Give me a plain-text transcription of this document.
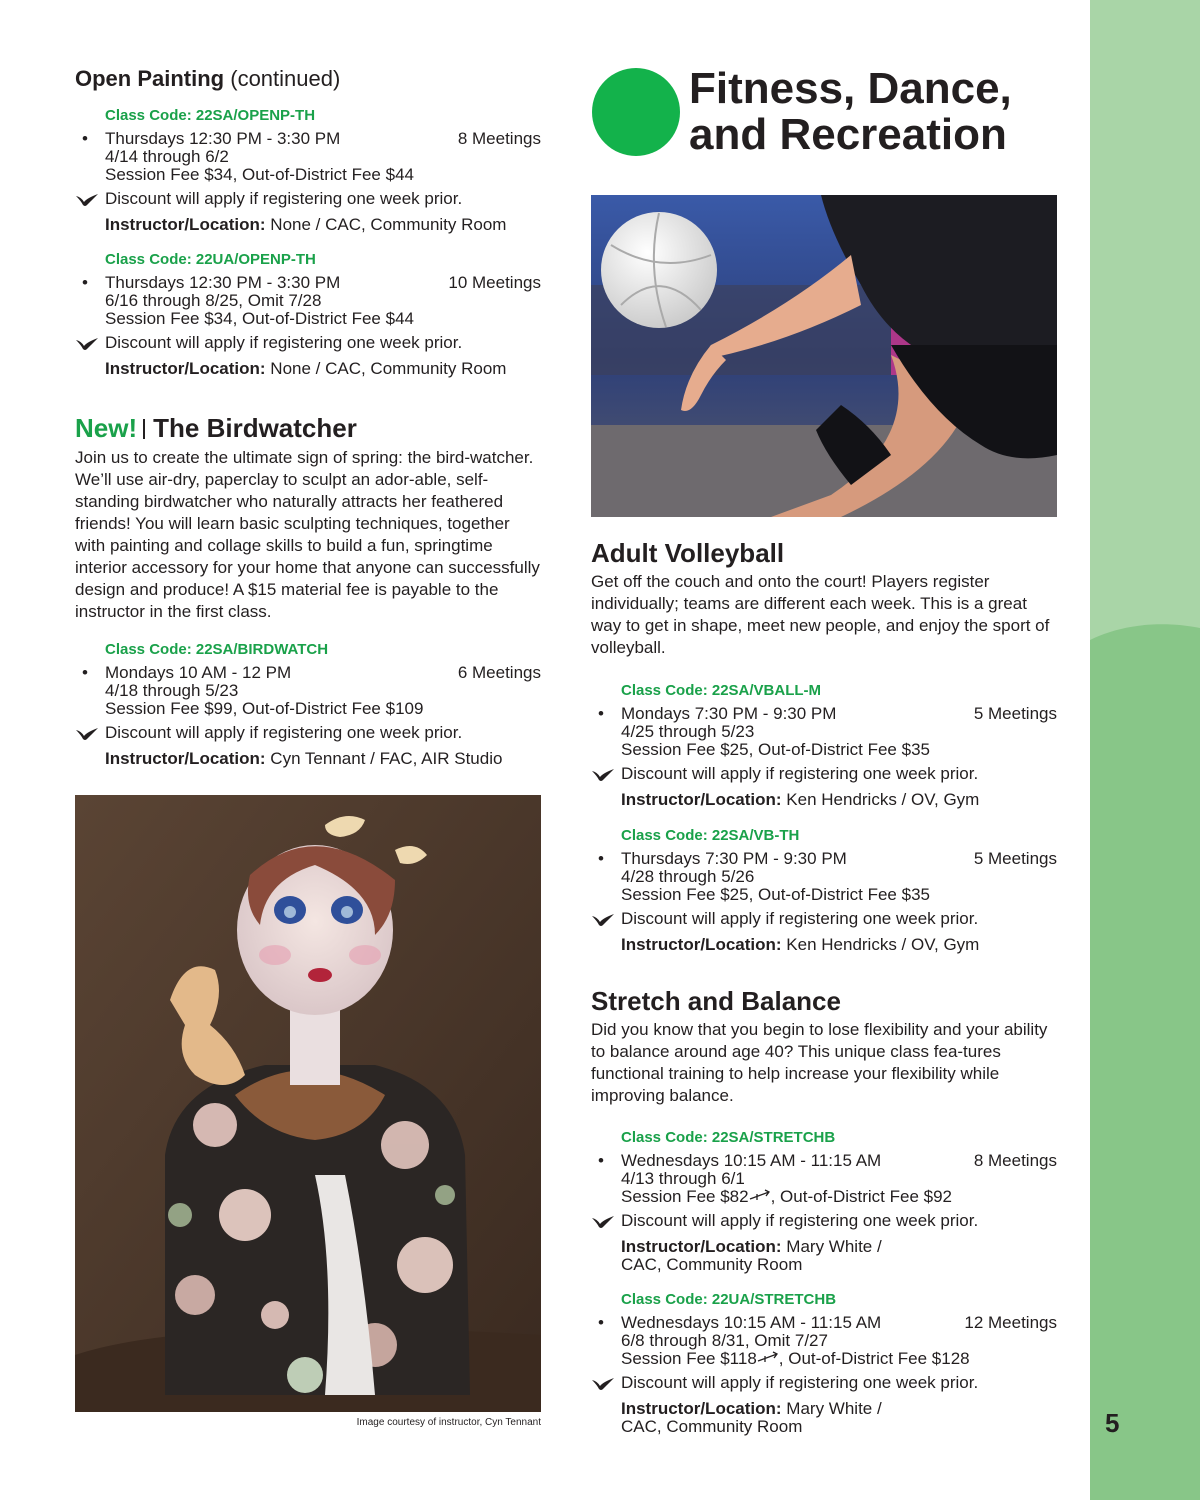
5
Open Painting (continued)
Class Code: 22SA/OPENP-TH
•	Thursdays 12:30 PM - 3:30 PM	8 Meetings
4/14 through 6/2
Session Fee $34, Out-of-District Fee $44
Discount will apply if registering one week prior.
Instructor/Location: None / CAC, Community Room
Class Code: 22UA/OPENP-TH
•	Thursdays 12:30 PM - 3:30 PM	10 Meetings
6/16 through 8/25, Omit 7/28
Session Fee $34, Out-of-District Fee $44
Discount will apply if registering one week prior.
Instructor/Location: None / CAC, Community Room
New! The Birdwatcher
Join us to create the ultimate sign of spring: the bird-watcher. We’ll use air-dry, paperclay to sculpt an ador-able, self-standing birdwatcher who naturally attracts her feathered friends! You will learn basic sculpting techniques, together with painting and collage skills to build a fun, springtime interior accessory for your home that anyone can successfully design and produce! A $15 material fee is payable to the instructor in the first class.
Class Code: 22SA/BIRDWATCH
•	Mondays 10 AM - 12 PM	6 Meetings
4/18 through 5/23
Session Fee $99, Out-of-District Fee $109
Discount will apply if registering one week prior.
Instructor/Location: Cyn Tennant / FAC, AIR Studio
Image courtesy of instructor, Cyn Tennant
Fitness, Dance,
and Recreation
Adult Volleyball
Get off the couch and onto the court! Players register individually; teams are different each week. This is a great way to get in shape, meet new people, and enjoy the sport of volleyball.
Class Code: 22SA/VBALL-M
•	Mondays 7:30 PM - 9:30 PM	5 Meetings
4/25 through 5/23
Session Fee $25, Out-of-District Fee $35
Discount will apply if registering one week prior.
Instructor/Location: Ken Hendricks / OV, Gym
Class Code: 22SA/VB-TH
•	Thursdays 7:30 PM - 9:30 PM	5 Meetings
4/28 through 5/26
Session Fee $25, Out-of-District Fee $35
Discount will apply if registering one week prior.
Instructor/Location: Ken Hendricks / OV, Gym
Stretch and Balance
Did you know that you begin to lose flexibility and your ability to balance around age 40? This unique class fea-tures functional training to help increase your flexibility while improving balance.
Class Code: 22SA/STRETCHB
•	Wednesdays 10:15 AM - 11:15 AM	8 Meetings
4/13 through 6/1
Session Fee $82 , Out-of-District Fee $92
Discount will apply if registering one week prior.
Instructor/Location: Mary White /
CAC, Community Room
Class Code: 22UA/STRETCHB
•	Wednesdays 10:15 AM - 11:15 AM	12 Meetings
6/8 through 8/31, Omit 7/27
Session Fee $118 , Out-of-District Fee $128
Discount will apply if registering one week prior.
Instructor/Location: Mary White /
CAC, Community Room
